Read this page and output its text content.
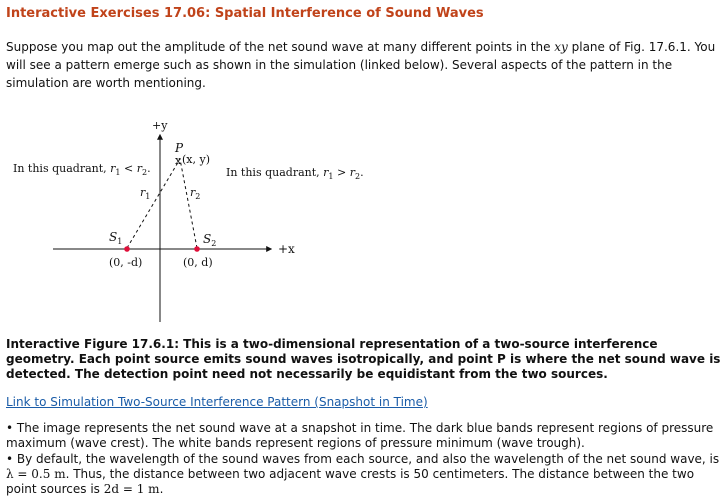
Interactive Exercises 17.06: Spatial Interference of Sound Waves

Suppose you map out the amplitude of the net sound wave at many different points in the xy plane of Fig. 17.6.1. You will see a pattern emerge such as shown in the simulation (linked below). Several aspects of the pattern in the simulation are worth mentioning.

+y
+x
P
x (x, y)
$r_1$	$r_2$
$S_1$	$S_2$
(0, -d)	(0, d)
In this quadrant, $r_1 < r_2$.	In this quadrant, $r_1 > r_2$.

Interactive Figure 17.6.1: This is a two-dimensional representation of a two-source interference geometry. Each point source emits sound waves isotropically, and point P is where the net sound wave is detected. The detection point need not necessarily be equidistant from the two sources.

Link to Simulation Two-Source Interference Pattern (Snapshot in Time)

• The image represents the net sound wave at a snapshot in time. The dark blue bands represent regions of pressure maximum (wave crest). The white bands represent regions of pressure minimum (wave trough).

• By default, the wavelength of the sound waves from each source, and also the wavelength of the net sound wave, is λ = 0.5 m. Thus, the distance between two adjacent wave crests is 50 centimeters. The distance between the two point sources is 2d = 1 m.
